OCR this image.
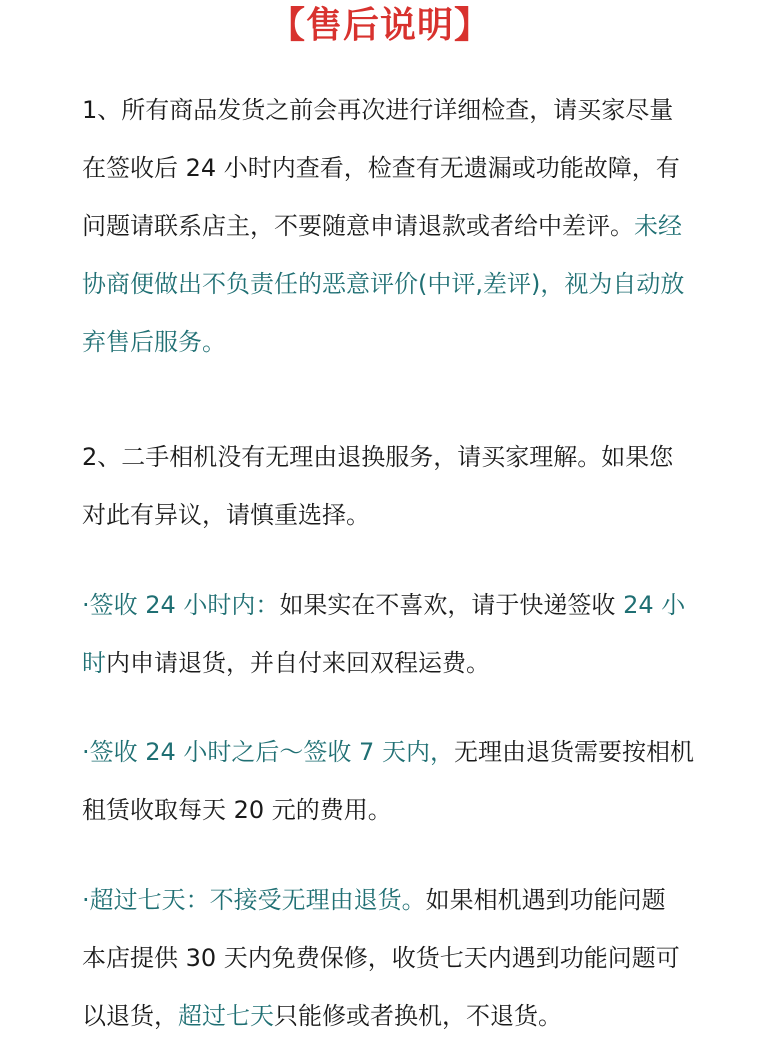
【售后说明】
1、所有商品发货之前会再次进行详细检查，请买家尽量
在签收后 24 小时内查看，检查有无遗漏或功能故障，有
问题请联系店主，不要随意申请退款或者给中差评。未经
协商便做出不负责任的恶意评价(中评,差评)，视为自动放
弃售后服务。
2、二手相机没有无理由退换服务，请买家理解。如果您
对此有异议，请慎重选择。
·签收 24 小时内：如果实在不喜欢，请于快递签收 24 小
时内申请退货，并自付来回双程运费。
·签收 24 小时之后～签收 7 天内，无理由退货需要按相机
租赁收取每天 20 元的费用。
·超过七天：不接受无理由退货。如果相机遇到功能问题
本店提供 30 天内免费保修，收货七天内遇到功能问题可
以退货，超过七天只能修或者换机，不退货。
